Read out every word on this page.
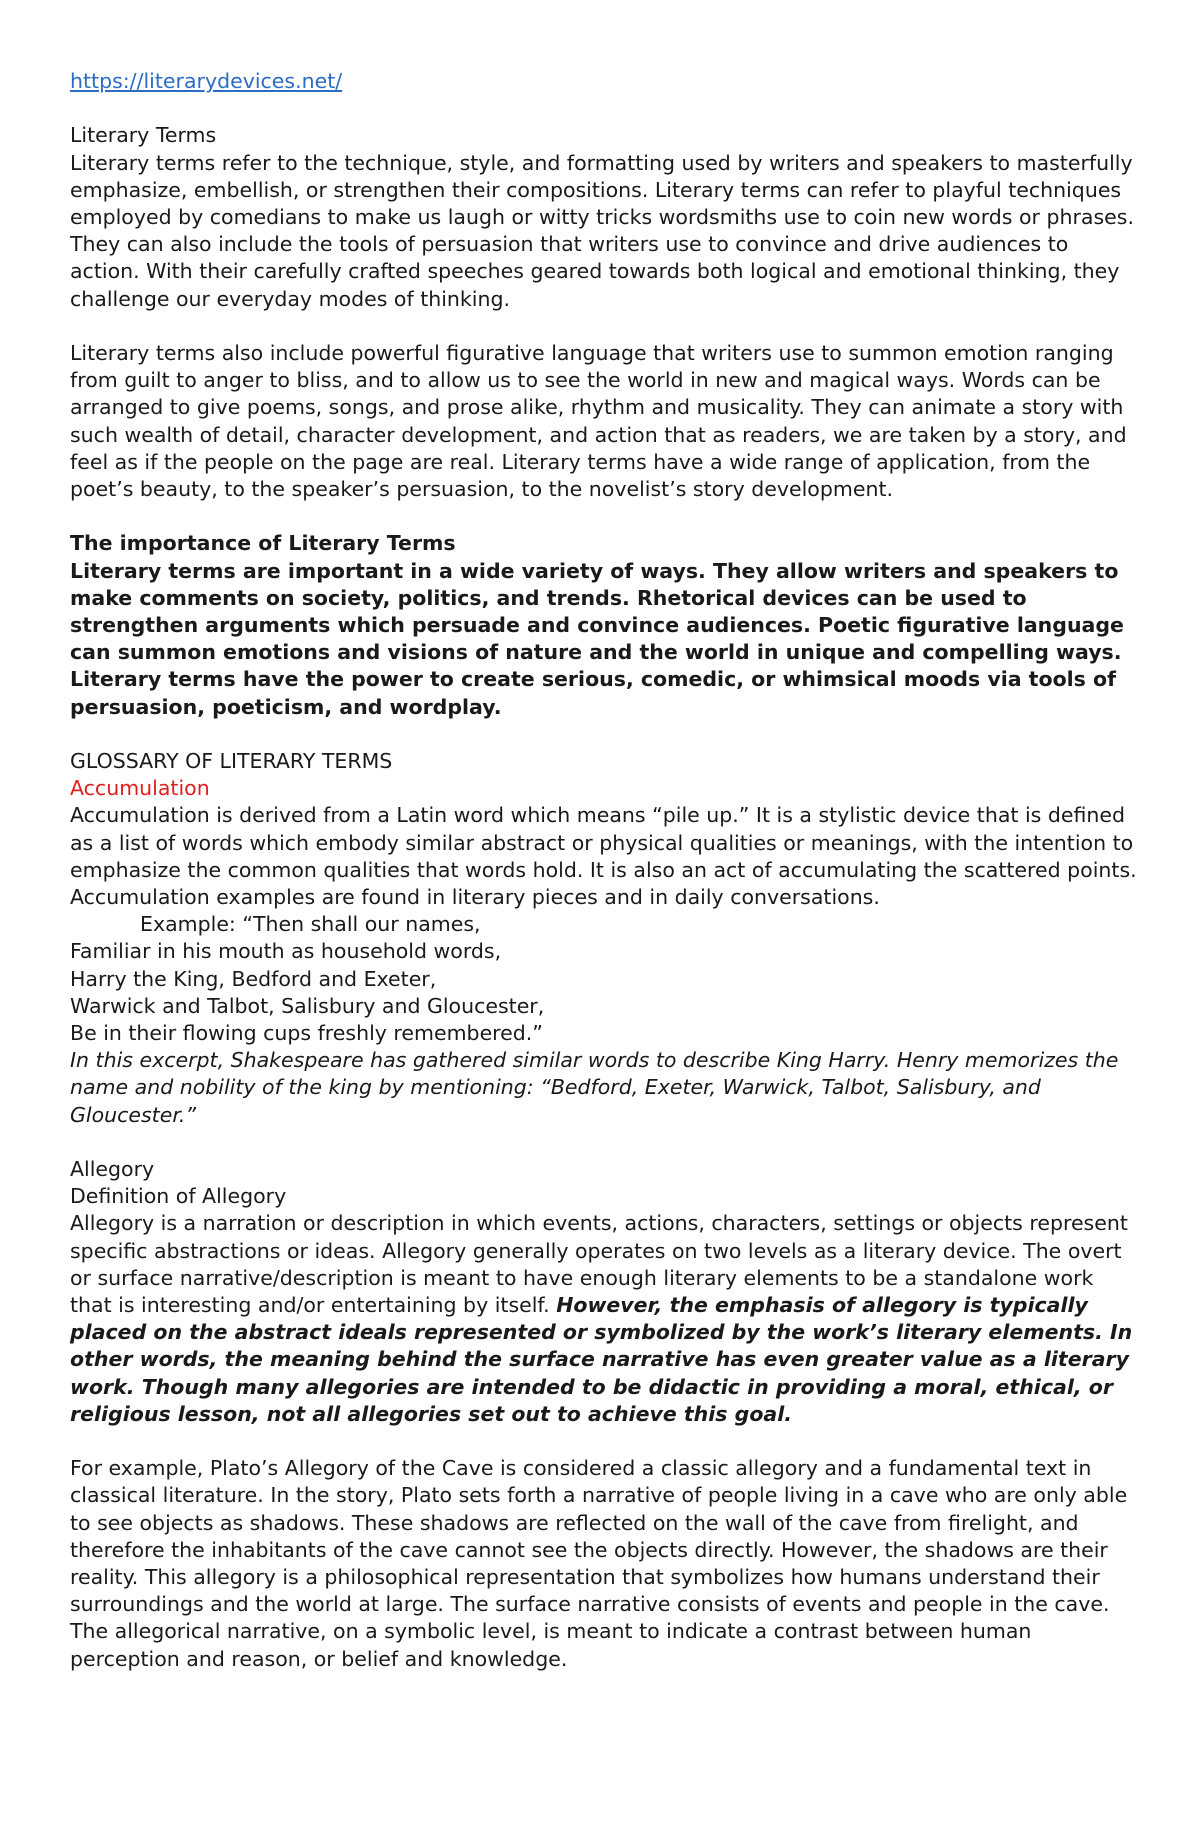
https://literarydevices.net/

Literary Terms

Literary terms refer to the technique, style, and formatting used by writers and speakers to masterfully emphasize, embellish, or strengthen their compositions. Literary terms can refer to playful techniques employed by comedians to make us laugh or witty tricks wordsmiths use to coin new words or phrases. They can also include the tools of persuasion that writers use to convince and drive audiences to action. With their carefully crafted speeches geared towards both logical and emotional thinking, they challenge our everyday modes of thinking.

Literary terms also include powerful figurative language that writers use to summon emotion ranging from guilt to anger to bliss, and to allow us to see the world in new and magical ways. Words can be arranged to give poems, songs, and prose alike, rhythm and musicality. They can animate a story with such wealth of detail, character development, and action that as readers, we are taken by a story, and feel as if the people on the page are real. Literary terms have a wide range of application, from the poet’s beauty, to the speaker’s persuasion, to the novelist’s story development.

The importance of Literary Terms

Literary terms are important in a wide variety of ways. They allow writers and speakers to make comments on society, politics, and trends. Rhetorical devices can be used to strengthen arguments which persuade and convince audiences. Poetic figurative language can summon emotions and visions of nature and the world in unique and compelling ways. Literary terms have the power to create serious, comedic, or whimsical moods via tools of persuasion, poeticism, and wordplay.

GLOSSARY OF LITERARY TERMS

Accumulation

Accumulation is derived from a Latin word which means “pile up.” It is a stylistic device that is defined as a list of words which embody similar abstract or physical qualities or meanings, with the intention to emphasize the common qualities that words hold. It is also an act of accumulating the scattered points. Accumulation examples are found in literary pieces and in daily conversations.

Example: “Then shall our names,

Familiar in his mouth as household words,

Harry the King, Bedford and Exeter,

Warwick and Talbot, Salisbury and Gloucester,

Be in their flowing cups freshly remembered.”

In this excerpt, Shakespeare has gathered similar words to describe King Harry. Henry memorizes the name and nobility of the king by mentioning: “Bedford, Exeter, Warwick, Talbot, Salisbury, and Gloucester.”

Allegory

Definition of Allegory

Allegory is a narration or description in which events, actions, characters, settings or objects represent specific abstractions or ideas. Allegory generally operates on two levels as a literary device. The overt or surface narrative/description is meant to have enough literary elements to be a standalone work that is interesting and/or entertaining by itself. However, the emphasis of allegory is typically placed on the abstract ideals represented or symbolized by the work’s literary elements. In other words, the meaning behind the surface narrative has even greater value as a literary work. Though many allegories are intended to be didactic in providing a moral, ethical, or religious lesson, not all allegories set out to achieve this goal.

For example, Plato’s Allegory of the Cave is considered a classic allegory and a fundamental text in classical literature. In the story, Plato sets forth a narrative of people living in a cave who are only able to see objects as shadows. These shadows are reflected on the wall of the cave from firelight, and therefore the inhabitants of the cave cannot see the objects directly. However, the shadows are their reality. This allegory is a philosophical representation that symbolizes how humans understand their surroundings and the world at large. The surface narrative consists of events and people in the cave. The allegorical narrative, on a symbolic level, is meant to indicate a contrast between human perception and reason, or belief and knowledge.
